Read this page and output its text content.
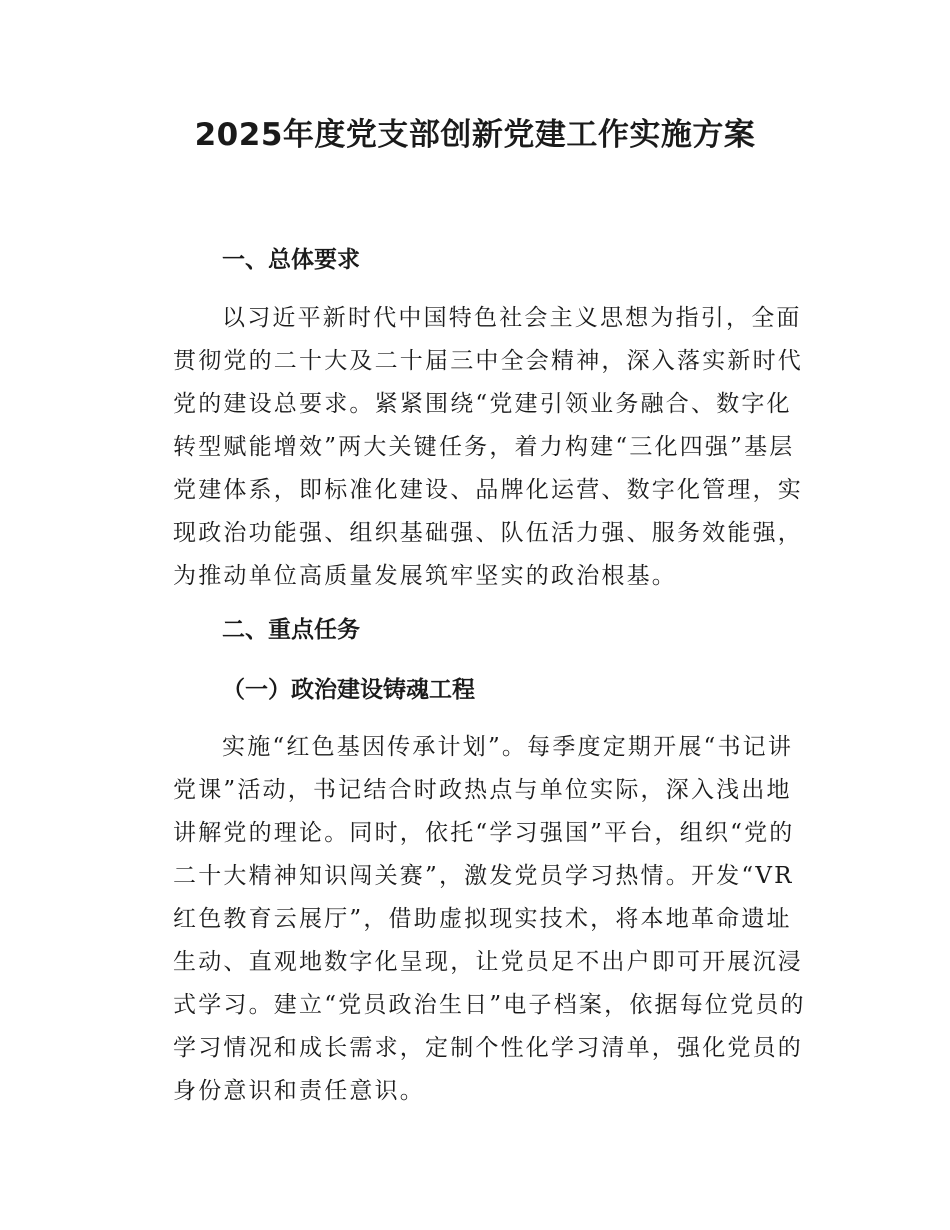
2025年度党支部创新党建工作实施方案
一、总体要求

以习近平新时代中国特色社会主义思想为指引，全面贯彻党的二十大及二十届三中全会精神，深入落实新时代党的建设总要求。紧紧围绕“党建引领业务融合、数字化转型赋能增效”两大关键任务，着力构建“三化四强”基层党建体系，即标准化建设、品牌化运营、数字化管理，实现政治功能强、组织基础强、队伍活力强、服务效能强，为推动单位高质量发展筑牢坚实的政治根基。

二、重点任务
（一）政治建设铸魂工程

实施“红色基因传承计划”。每季度定期开展“书记讲党课”活动，书记结合时政热点与单位实际，深入浅出地讲解党的理论。同时，依托“学习强国”平台，组织“党的二十大精神知识闯关赛”，激发党员学习热情。开发“VR红色教育云展厅”，借助虚拟现实技术，将本地革命遗址生动、直观地数字化呈现，让党员足不出户即可开展沉浸式学习。建立“党员政治生日”电子档案，依据每位党员的学习情况和成长需求，定制个性化学习清单，强化党员的身份意识和责任意识。
